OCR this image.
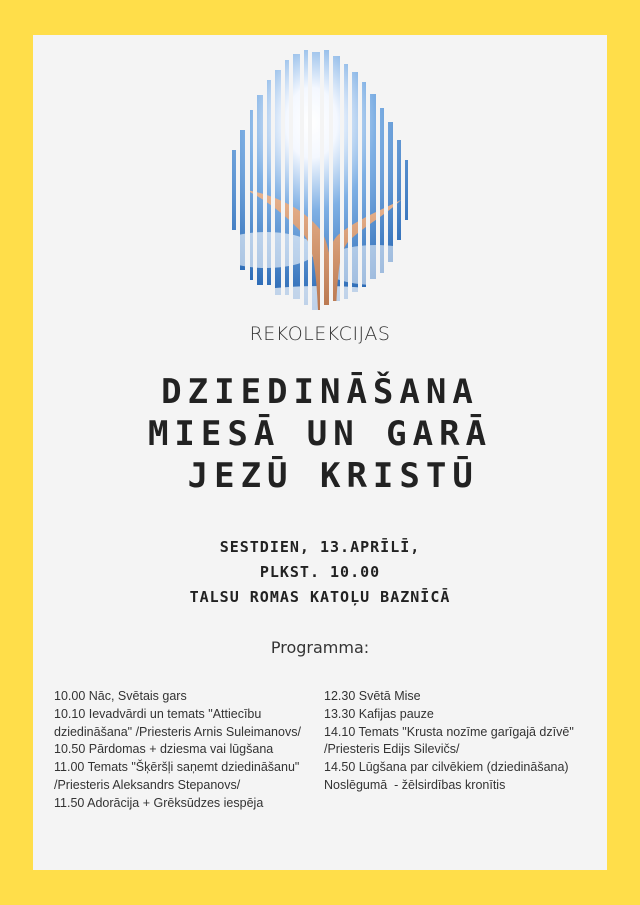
REKOLEKCIJAS
DZIEDINĀŠANA
MIESĀ UN GARĀ
JEZŪ KRISTŪ
SESTDIEN, 13.APRĪLĪ,
PLKST. 10.00
TALSU ROMAS KATOĻU BAZNĪCĀ
Programma:
10.00 Nāc, Svētais gars
10.10 Ievadvārdi un temats "Attiecību
dziedināšana" /Priesteris Arnis Suleimanovs/
10.50 Pārdomas + dziesma vai lūgšana
11.00 Temats "Šķēršļi saņemt dziedināšanu"
/Priesteris Aleksandrs Stepanovs/
11.50 Adorācija + Grēksūdzes iespēja
12.30 Svētā Mise
13.30 Kafijas pauze
14.10 Temats "Krusta nozīme garīgajā dzīvē"
/Priesteris Edijs Silevičs/
14.50 Lūgšana par cilvēkiem (dziedināšana)
Noslēgumā  - žēlsirdības kronītis
